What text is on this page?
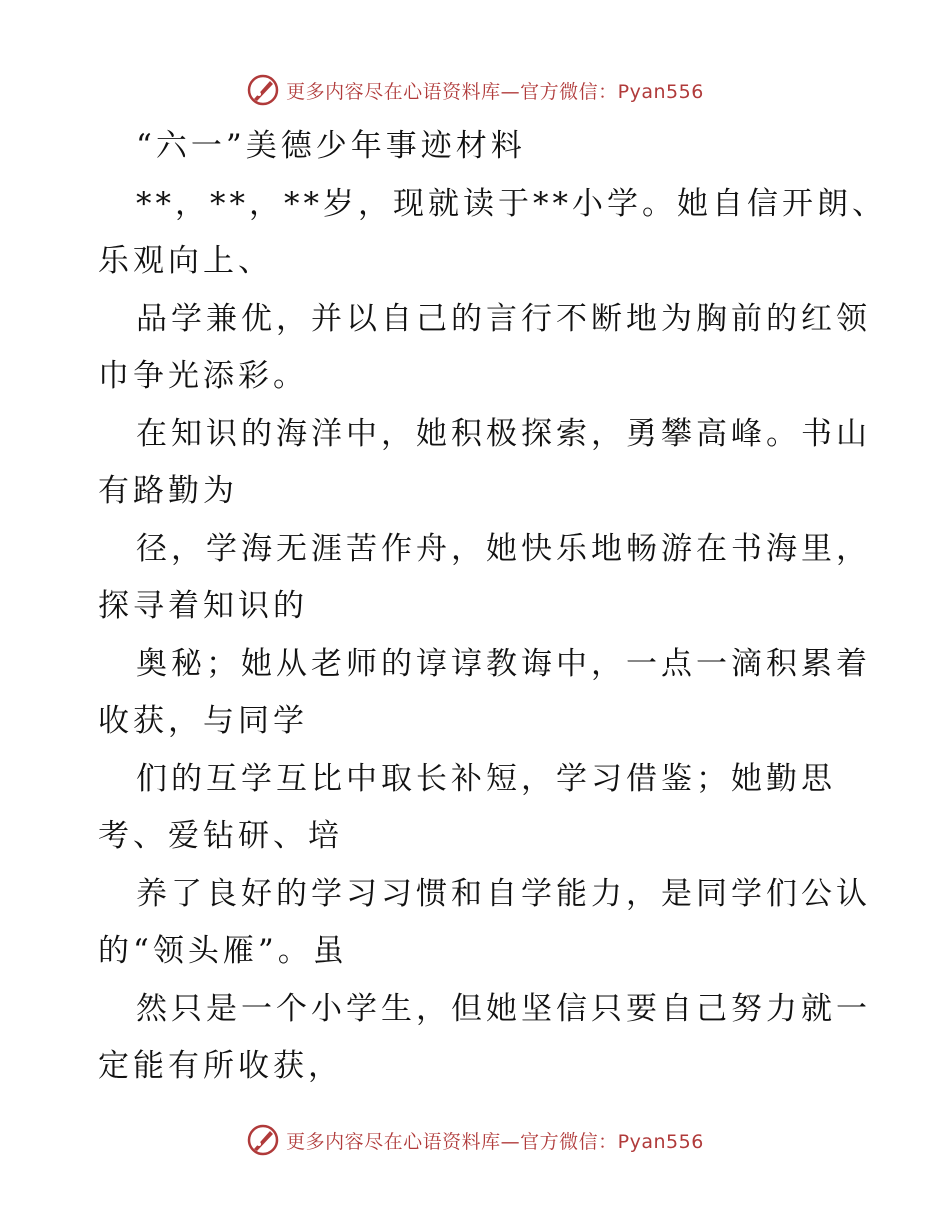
更多内容尽在心语资料库—官方微信：Pyan556
“六一”美德少年事迹材料
**，**，**岁，现就读于**小学。她自信开朗、
乐观向上、
品学兼优，并以自己的言行不断地为胸前的红领
巾争光添彩。
在知识的海洋中，她积极探索，勇攀高峰。书山
有路勤为
径，学海无涯苦作舟，她快乐地畅游在书海里，
探寻着知识的
奥秘；她从老师的谆谆教诲中，一点一滴积累着
收获，与同学
们的互学互比中取长补短，学习借鉴；她勤思
考、爱钻研、培
养了良好的学习习惯和自学能力，是同学们公认
的“领头雁”。虽
然只是一个小学生，但她坚信只要自己努力就一
定能有所收获，
更多内容尽在心语资料库—官方微信：Pyan556
